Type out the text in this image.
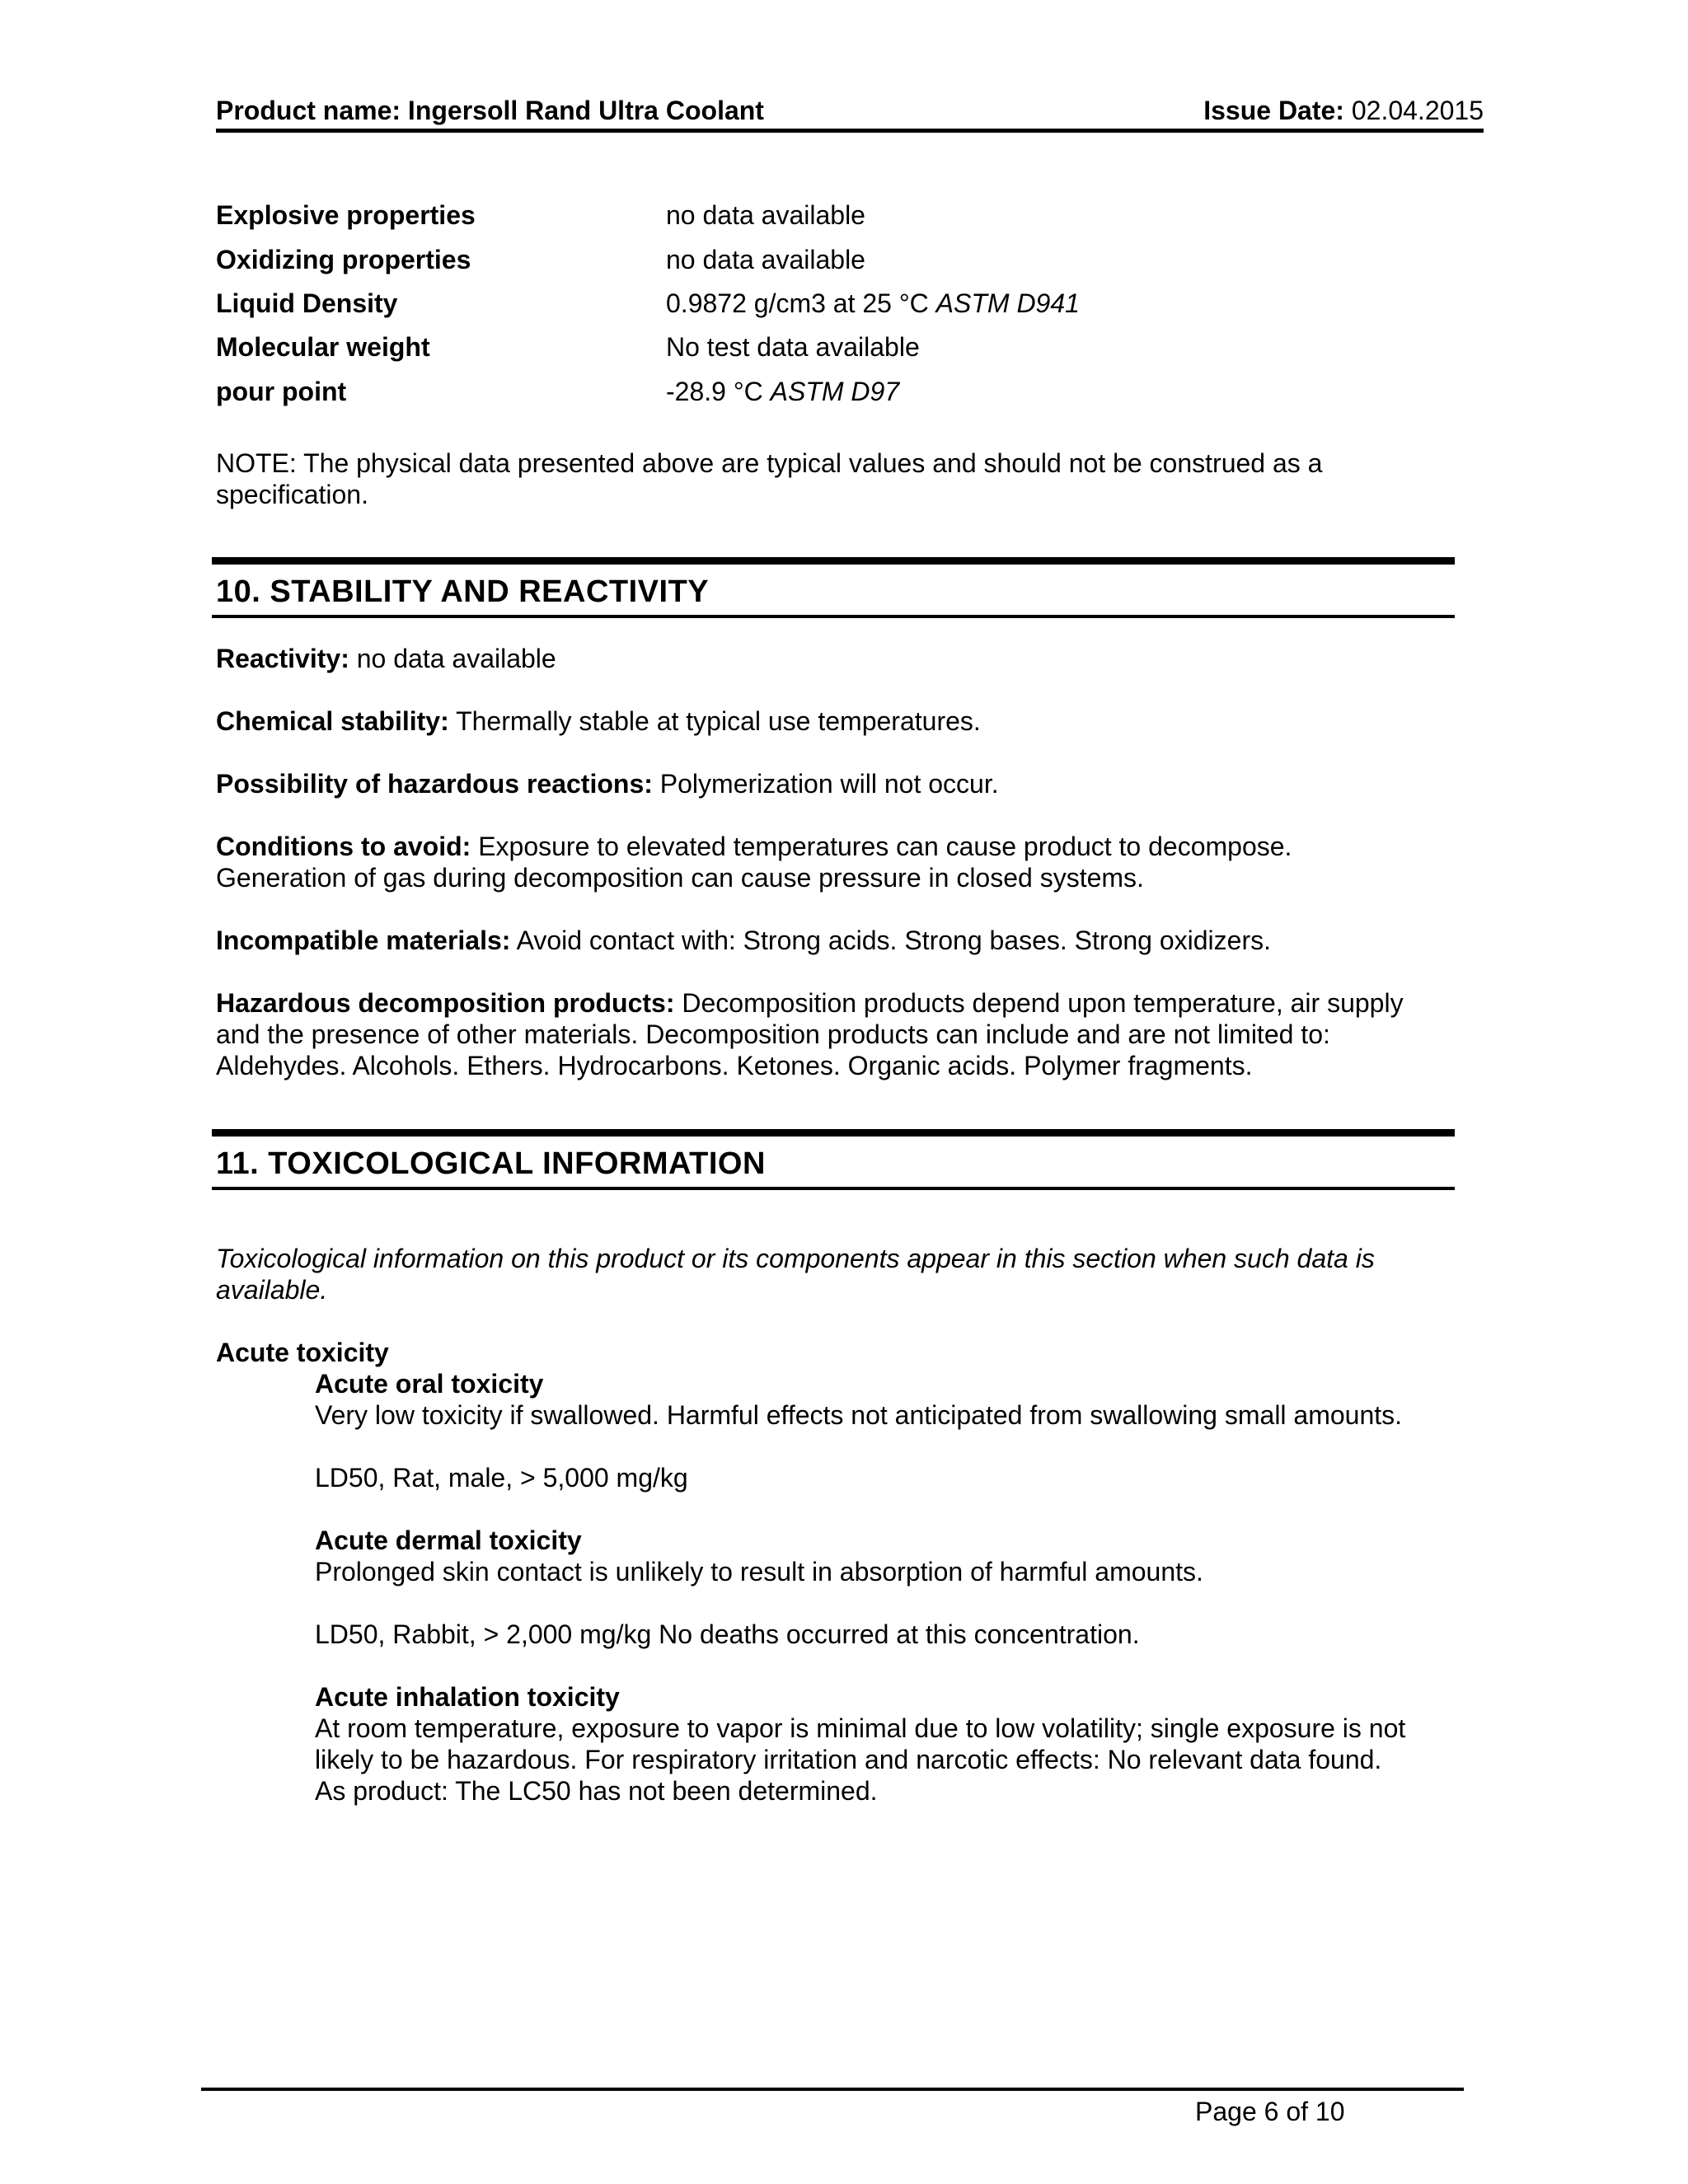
Product name: Ingersoll Rand Ultra Coolant	Issue Date: 02.04.2015
Explosive properties	no data available
Oxidizing properties	no data available
Liquid Density	0.9872 g/cm3 at 25 °C ASTM D941
Molecular weight	No test data available
pour point	-28.9 °C ASTM D97
NOTE: The physical data presented above are typical values and should not be construed as a
specification.
10. STABILITY AND REACTIVITY
Reactivity: no data available
Chemical stability: Thermally stable at typical use temperatures.
Possibility of hazardous reactions: Polymerization will not occur.
Conditions to avoid: Exposure to elevated temperatures can cause product to decompose.
Generation of gas during decomposition can cause pressure in closed systems.
Incompatible materials: Avoid contact with: Strong acids. Strong bases. Strong oxidizers.
Hazardous decomposition products: Decomposition products depend upon temperature, air supply
and the presence of other materials. Decomposition products can include and are not limited to:
Aldehydes. Alcohols. Ethers. Hydrocarbons. Ketones. Organic acids. Polymer fragments.
11. TOXICOLOGICAL INFORMATION
Toxicological information on this product or its components appear in this section when such data is
available.
Acute toxicity
Acute oral toxicity
Very low toxicity if swallowed. Harmful effects not anticipated from swallowing small amounts.
LD50, Rat, male, > 5,000 mg/kg
Acute dermal toxicity
Prolonged skin contact is unlikely to result in absorption of harmful amounts.
LD50, Rabbit, > 2,000 mg/kg No deaths occurred at this concentration.
Acute inhalation toxicity
At room temperature, exposure to vapor is minimal due to low volatility; single exposure is not
likely to be hazardous. For respiratory irritation and narcotic effects: No relevant data found.
As product: The LC50 has not been determined.
Page 6 of 10
